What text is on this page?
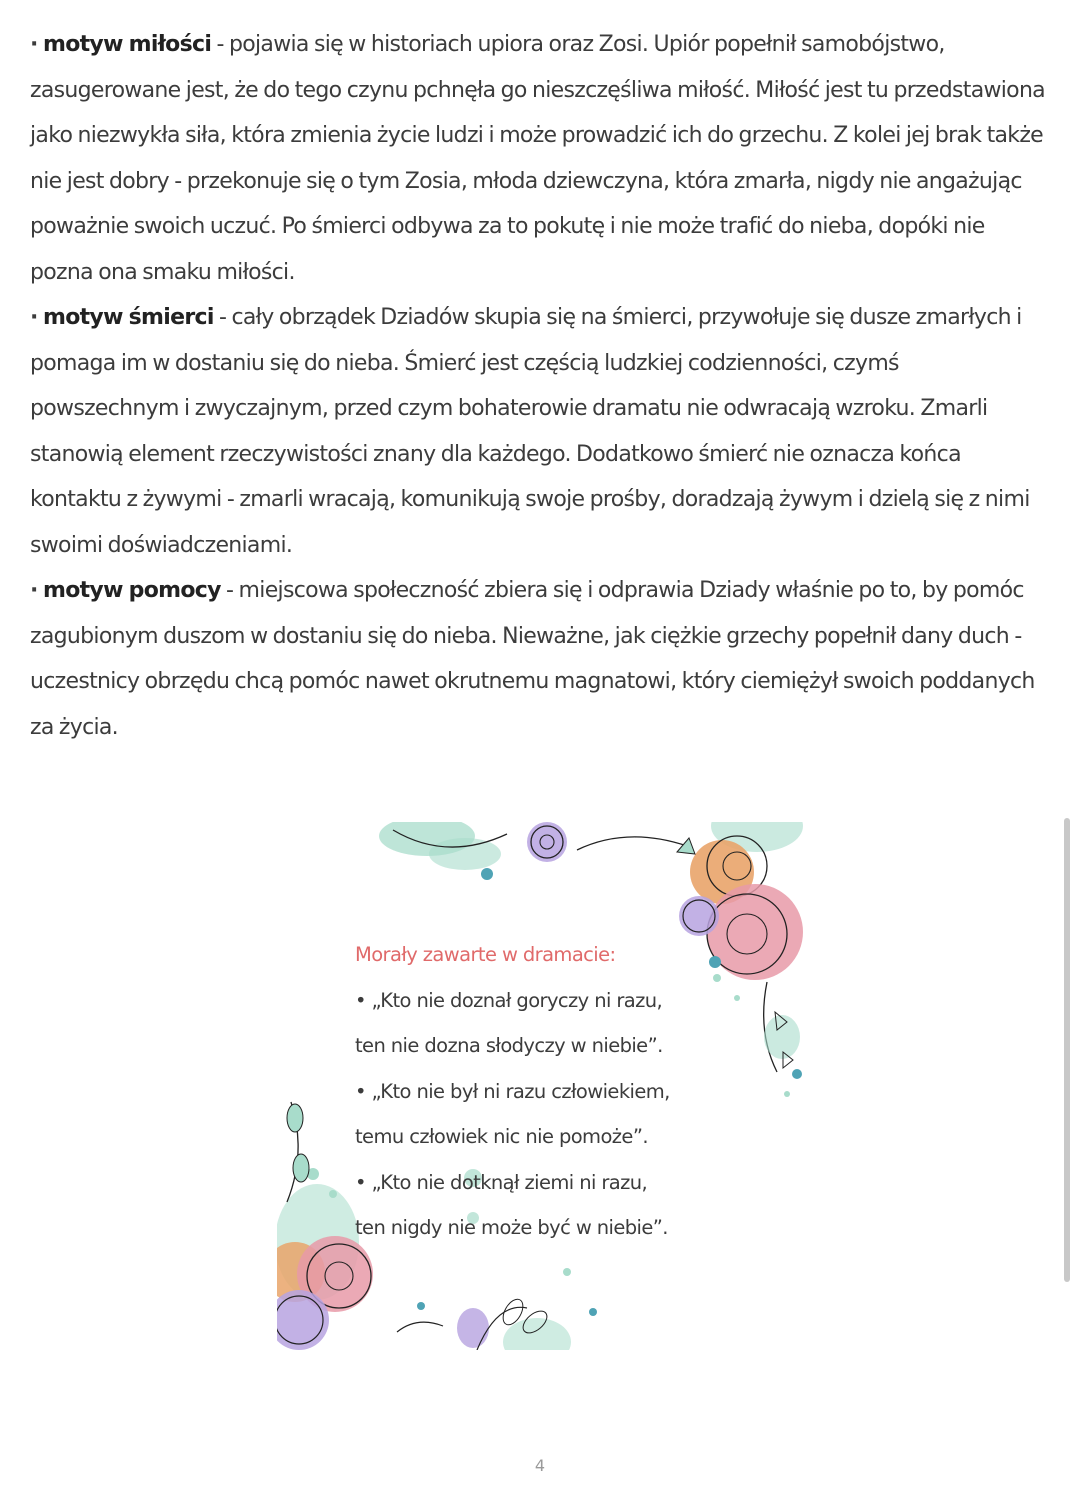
· motyw miłości - pojawia się w historiach upiora oraz Zosi. Upiór popełnił samobójstwo, zasugerowane jest, że do tego czynu pchnęła go nieszczęśliwa miłość. Miłość jest tu przedstawiona jako niezwykła siła, która zmienia życie ludzi i może prowadzić ich do grzechu. Z kolei jej brak także nie jest dobry - przekonuje się o tym Zosia, młoda dziewczyna, która zmarła, nigdy nie angażując poważnie swoich uczuć. Po śmierci odbywa za to pokutę i nie może trafić do nieba, dopóki nie pozna ona smaku miłości.

· motyw śmierci - cały obrządek Dziadów skupia się na śmierci, przywołuje się dusze zmarłych i pomaga im w dostaniu się do nieba. Śmierć jest częścią ludzkiej codzienności, czymś powszechnym i zwyczajnym, przed czym bohaterowie dramatu nie odwracają wzroku. Zmarli stanowią element rzeczywistości znany dla każdego. Dodatkowo śmierć nie oznacza końca kontaktu z żywymi - zmarli wracają, komunikują swoje prośby, doradzają żywym i dzielą się z nimi swoimi doświadczeniami.

· motyw pomocy - miejscowa społeczność zbiera się i odprawia Dziady właśnie po to, by pomóc zagubionym duszom w dostaniu się do nieba. Nieważne, jak ciężkie grzechy popełnił dany duch - uczestnicy obrzędu chcą pomóc nawet okrutnemu magnatowi, który ciemiężył swoich poddanych za życia.

Morały zawarte w dramacie:
• „Kto nie doznał goryczy ni razu,
ten nie dozna słodyczy w niebie”.
• „Kto nie był ni razu człowiekiem,
temu człowiek nic nie pomoże”.
• „Kto nie dotknął ziemi ni razu,
ten nigdy nie może być w niebie”.
4
